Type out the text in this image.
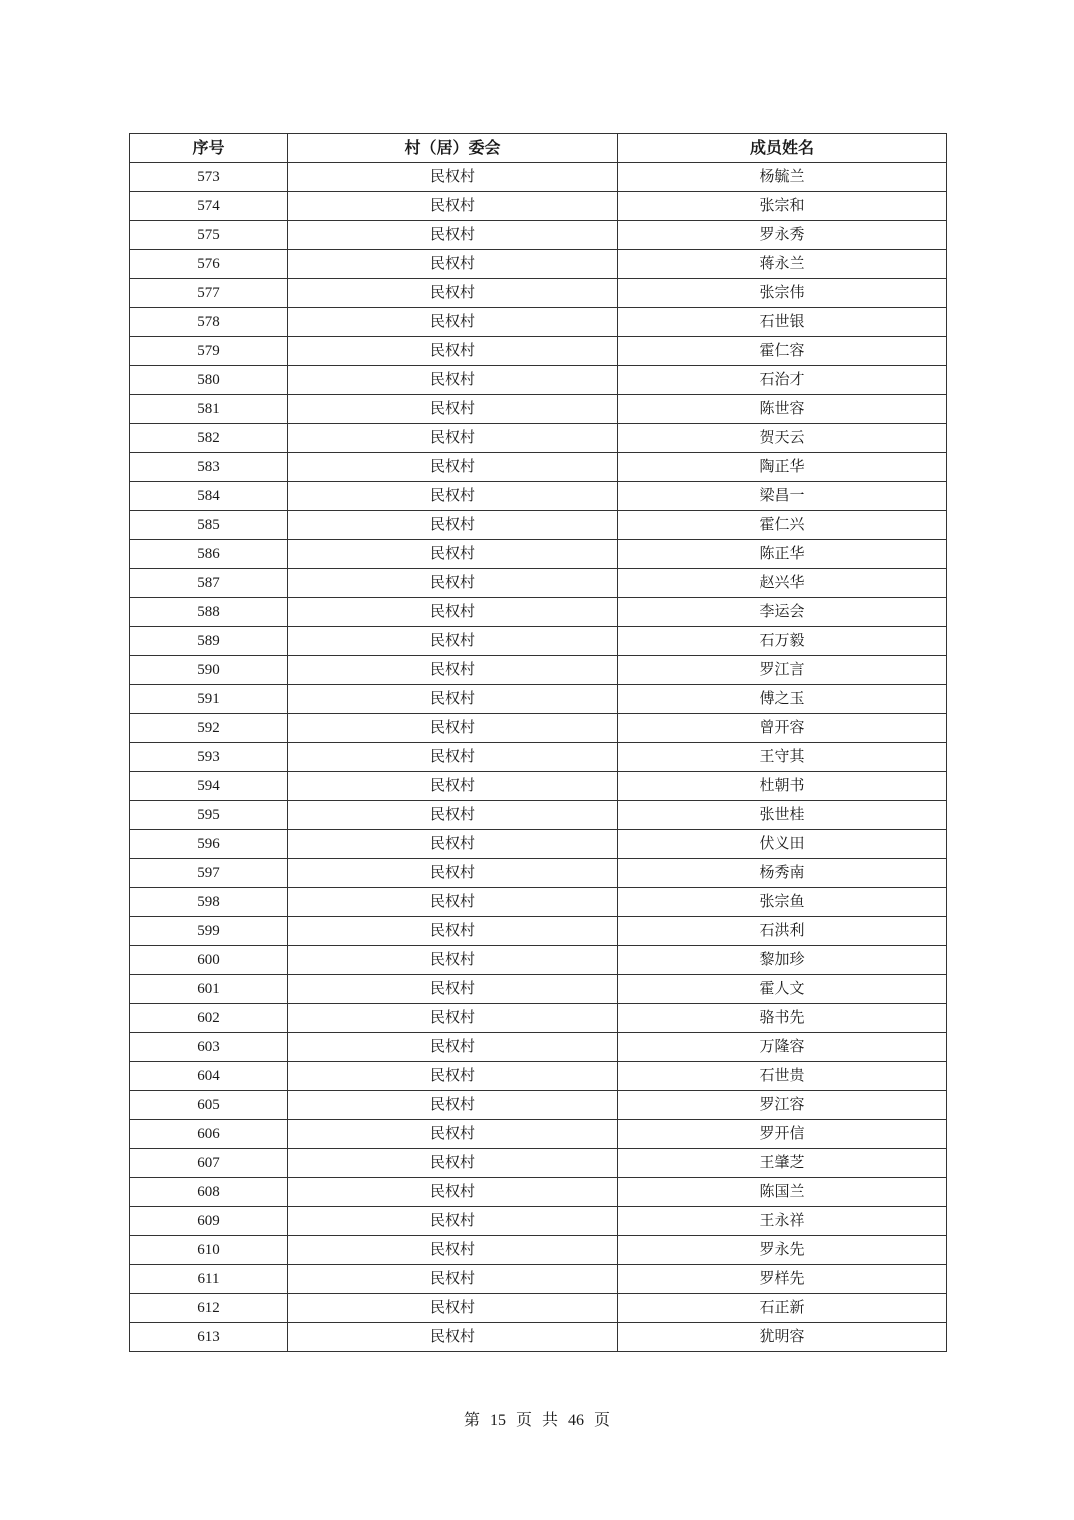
序号	村（居）委会	成员姓名
573	民权村	杨毓兰
574	民权村	张宗和
575	民权村	罗永秀
576	民权村	蒋永兰
577	民权村	张宗伟
578	民权村	石世银
579	民权村	霍仁容
580	民权村	石治才
581	民权村	陈世容
582	民权村	贺天云
583	民权村	陶正华
584	民权村	梁昌一
585	民权村	霍仁兴
586	民权村	陈正华
587	民权村	赵兴华
588	民权村	李运会
589	民权村	石万毅
590	民权村	罗江言
591	民权村	傅之玉
592	民权村	曾开容
593	民权村	王守其
594	民权村	杜朝书
595	民权村	张世桂
596	民权村	伏义田
597	民权村	杨秀南
598	民权村	张宗鱼
599	民权村	石洪利
600	民权村	黎加珍
601	民权村	霍人文
602	民权村	骆书先
603	民权村	万隆容
604	民权村	石世贵
605	民权村	罗江容
606	民权村	罗开信
607	民权村	王肇芝
608	民权村	陈国兰
609	民权村	王永祥
610	民权村	罗永先
611	民权村	罗样先
612	民权村	石正新
613	民权村	犹明容
第 15 页 共 46 页
